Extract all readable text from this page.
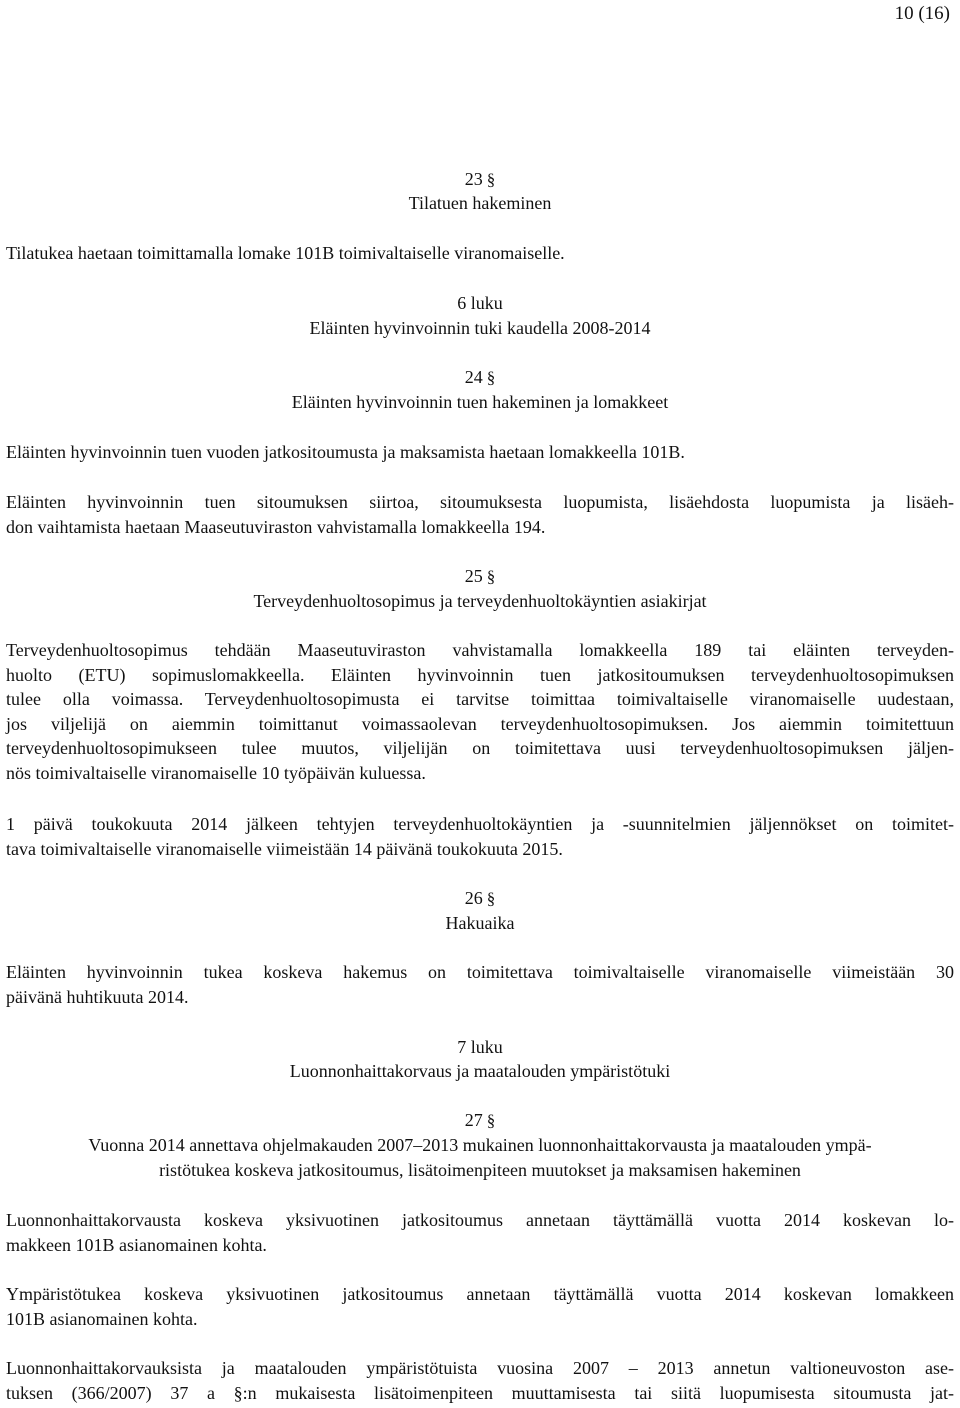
10 (16)
23 §
Tilatuen hakeminen
Tilatukea haetaan toimittamalla lomake 101B toimivaltaiselle viranomaiselle.
6 luku
Eläinten hyvinvoinnin tuki kaudella 2008-2014
24 §
Eläinten hyvinvoinnin tuen hakeminen ja lomakkeet
Eläinten hyvinvoinnin tuen vuoden jatkositoumusta ja maksamista haetaan lomakkeella 101B.
Eläinten hyvinvoinnin tuen sitoumuksen siirtoa, sitoumuksesta luopumista, lisäehdosta luopumista ja lisäeh-
don vaihtamista haetaan Maaseutuviraston vahvistamalla lomakkeella 194.
25 §
Terveydenhuoltosopimus ja terveydenhuoltokäyntien asiakirjat
Terveydenhuoltosopimus tehdään Maaseutuviraston vahvistamalla lomakkeella 189 tai eläinten terveyden-
huolto (ETU) sopimuslomakkeella. Eläinten hyvinvoinnin tuen jatkositoumuksen terveydenhuoltosopimuksen
tulee olla voimassa. Terveydenhuoltosopimusta ei tarvitse toimittaa toimivaltaiselle viranomaiselle uudestaan,
jos viljelijä on aiemmin toimittanut voimassaolevan terveydenhuoltosopimuksen. Jos aiemmin toimitettuun
terveydenhuoltosopimukseen tulee muutos, viljelijän on toimitettava uusi terveydenhuoltosopimuksen jäljen-
nös toimivaltaiselle viranomaiselle 10 työpäivän kuluessa.
1 päivä toukokuuta 2014 jälkeen tehtyjen terveydenhuoltokäyntien ja -suunnitelmien jäljennökset on toimitet-
tava toimivaltaiselle viranomaiselle viimeistään 14 päivänä toukokuuta 2015.
26 §
Hakuaika
Eläinten hyvinvoinnin tukea koskeva hakemus on toimitettava toimivaltaiselle viranomaiselle viimeistään 30
päivänä huhtikuuta 2014.
7 luku
Luonnonhaittakorvaus ja maatalouden ympäristötuki
27 §
Vuonna 2014 annettava ohjelmakauden 2007–2013 mukainen luonnonhaittakorvausta ja maatalouden ympä-
ristötukea koskeva jatkositoumus, lisätoimenpiteen muutokset ja maksamisen hakeminen
Luonnonhaittakorvausta koskeva yksivuotinen jatkositoumus annetaan täyttämällä vuotta 2014 koskevan lo-
makkeen 101B asianomainen kohta.
Ympäristötukea koskeva yksivuotinen jatkositoumus annetaan täyttämällä vuotta 2014 koskevan lomakkeen
101B asianomainen kohta.
Luonnonhaittakorvauksista ja maatalouden ympäristötuista vuosina 2007 – 2013 annetun valtioneuvoston ase-
tuksen (366/2007) 37 a §:n mukaisesta lisätoimenpiteen muuttamisesta tai siitä luopumisesta sitoumusta jat-
